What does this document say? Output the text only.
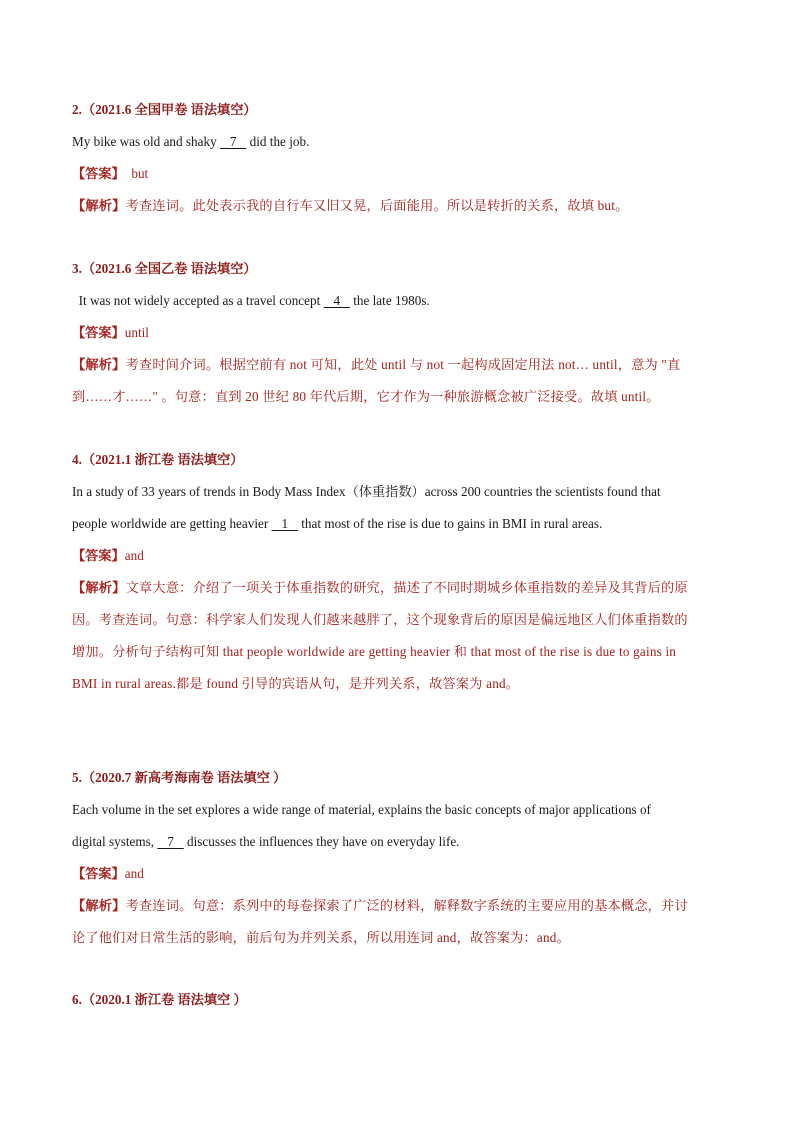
2.（2021.6 全国甲卷 语法填空）
My bike was old and shaky    7    did the job.
【答案】  but
【解析】考查连词。此处表示我的自行车又旧又晃，后面能用。所以是转折的关系，故填 but。
3.（2021.6 全国乙卷 语法填空）
It was not widely accepted as a travel concept    4    the late 1980s.
【答案】until
【解析】考查时间介词。根据空前有 not 可知，此处 until 与 not 一起构成固定用法 not… until，意为 "直
到……才……" 。句意：直到 20 世纪 80 年代后期，它才作为一种旅游概念被广泛接受。故填 until。
4.（2021.1 浙江卷 语法填空）
In a study of 33 years of trends in Body Mass Index（体重指数）across 200 countries the scientists found that
people worldwide are getting heavier    1    that most of the rise is due to gains in BMI in rural areas.
【答案】and
【解析】文章大意：介绍了一项关于体重指数的研究，描述了不同时期城乡体重指数的差异及其背后的原
因。考查连词。句意：科学家人们发现人们越来越胖了，这个现象背后的原因是偏远地区人们体重指数的
增加。分析句子结构可知 that people worldwide are getting heavier 和 that most of the rise is due to gains in
BMI in rural areas.都是 found 引导的宾语从句，是并列关系，故答案为 and。
5.（2020.7 新高考海南卷 语法填空 ）
Each volume in the set explores a wide range of material, explains the basic concepts of major applications of
digital systems,    7    discusses the influences they have on everyday life.
【答案】and
【解析】考查连词。句意：系列中的每卷探索了广泛的材料，解释数字系统的主要应用的基本概念，并讨
论了他们对日常生活的影响，前后句为并列关系，所以用连词 and，故答案为：and。
6.（2020.1 浙江卷 语法填空 ）
